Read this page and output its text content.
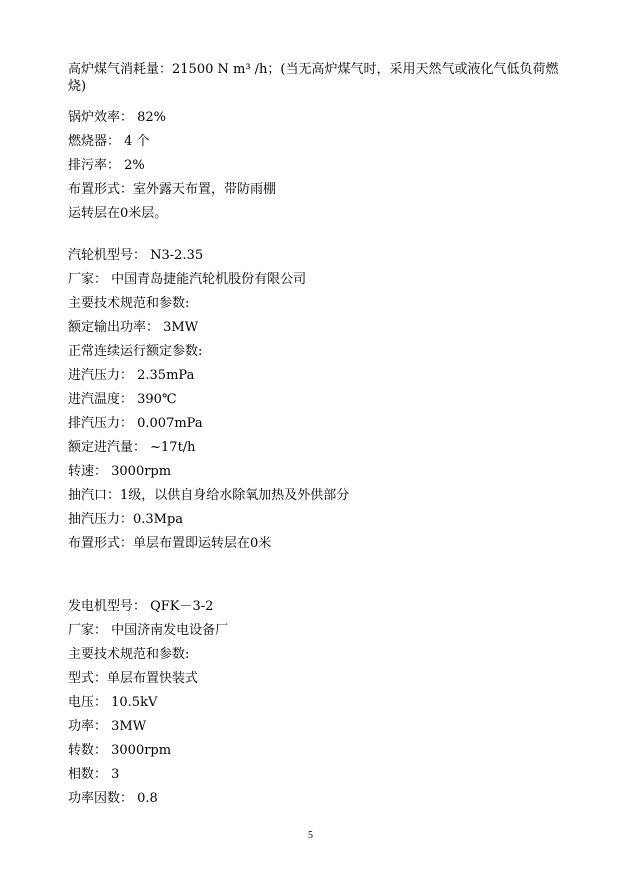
高炉煤气消耗量：21500 N m³ /h；(当无高炉煤气时，采用天然气或液化气低负荷燃烧)
锅炉效率： 82%
燃烧器： 4 个
排污率： 2%
布置形式：室外露天布置，带防雨棚
运转层在0米层。
汽轮机型号： N3-2.35
厂家： 中国青岛捷能汽轮机股份有限公司
主要技术规范和参数:
额定输出功率： 3MW
正常连续运行额定参数:
进汽压力： 2.35mPa
进汽温度： 390℃
排汽压力： 0.007mPa
额定进汽量： ~17t/h
转速： 3000rpm
抽汽口：1级，以供自身给水除氧加热及外供部分
抽汽压力：0.3Mpa
布置形式：单层布置即运转层在0米
发电机型号： QFK－3-2
厂家： 中国济南发电设备厂
主要技术规范和参数:
型式：单层布置快装式
电压： 10.5kV
功率： 3MW
转数： 3000rpm
相数： 3
功率因数： 0.8
5
